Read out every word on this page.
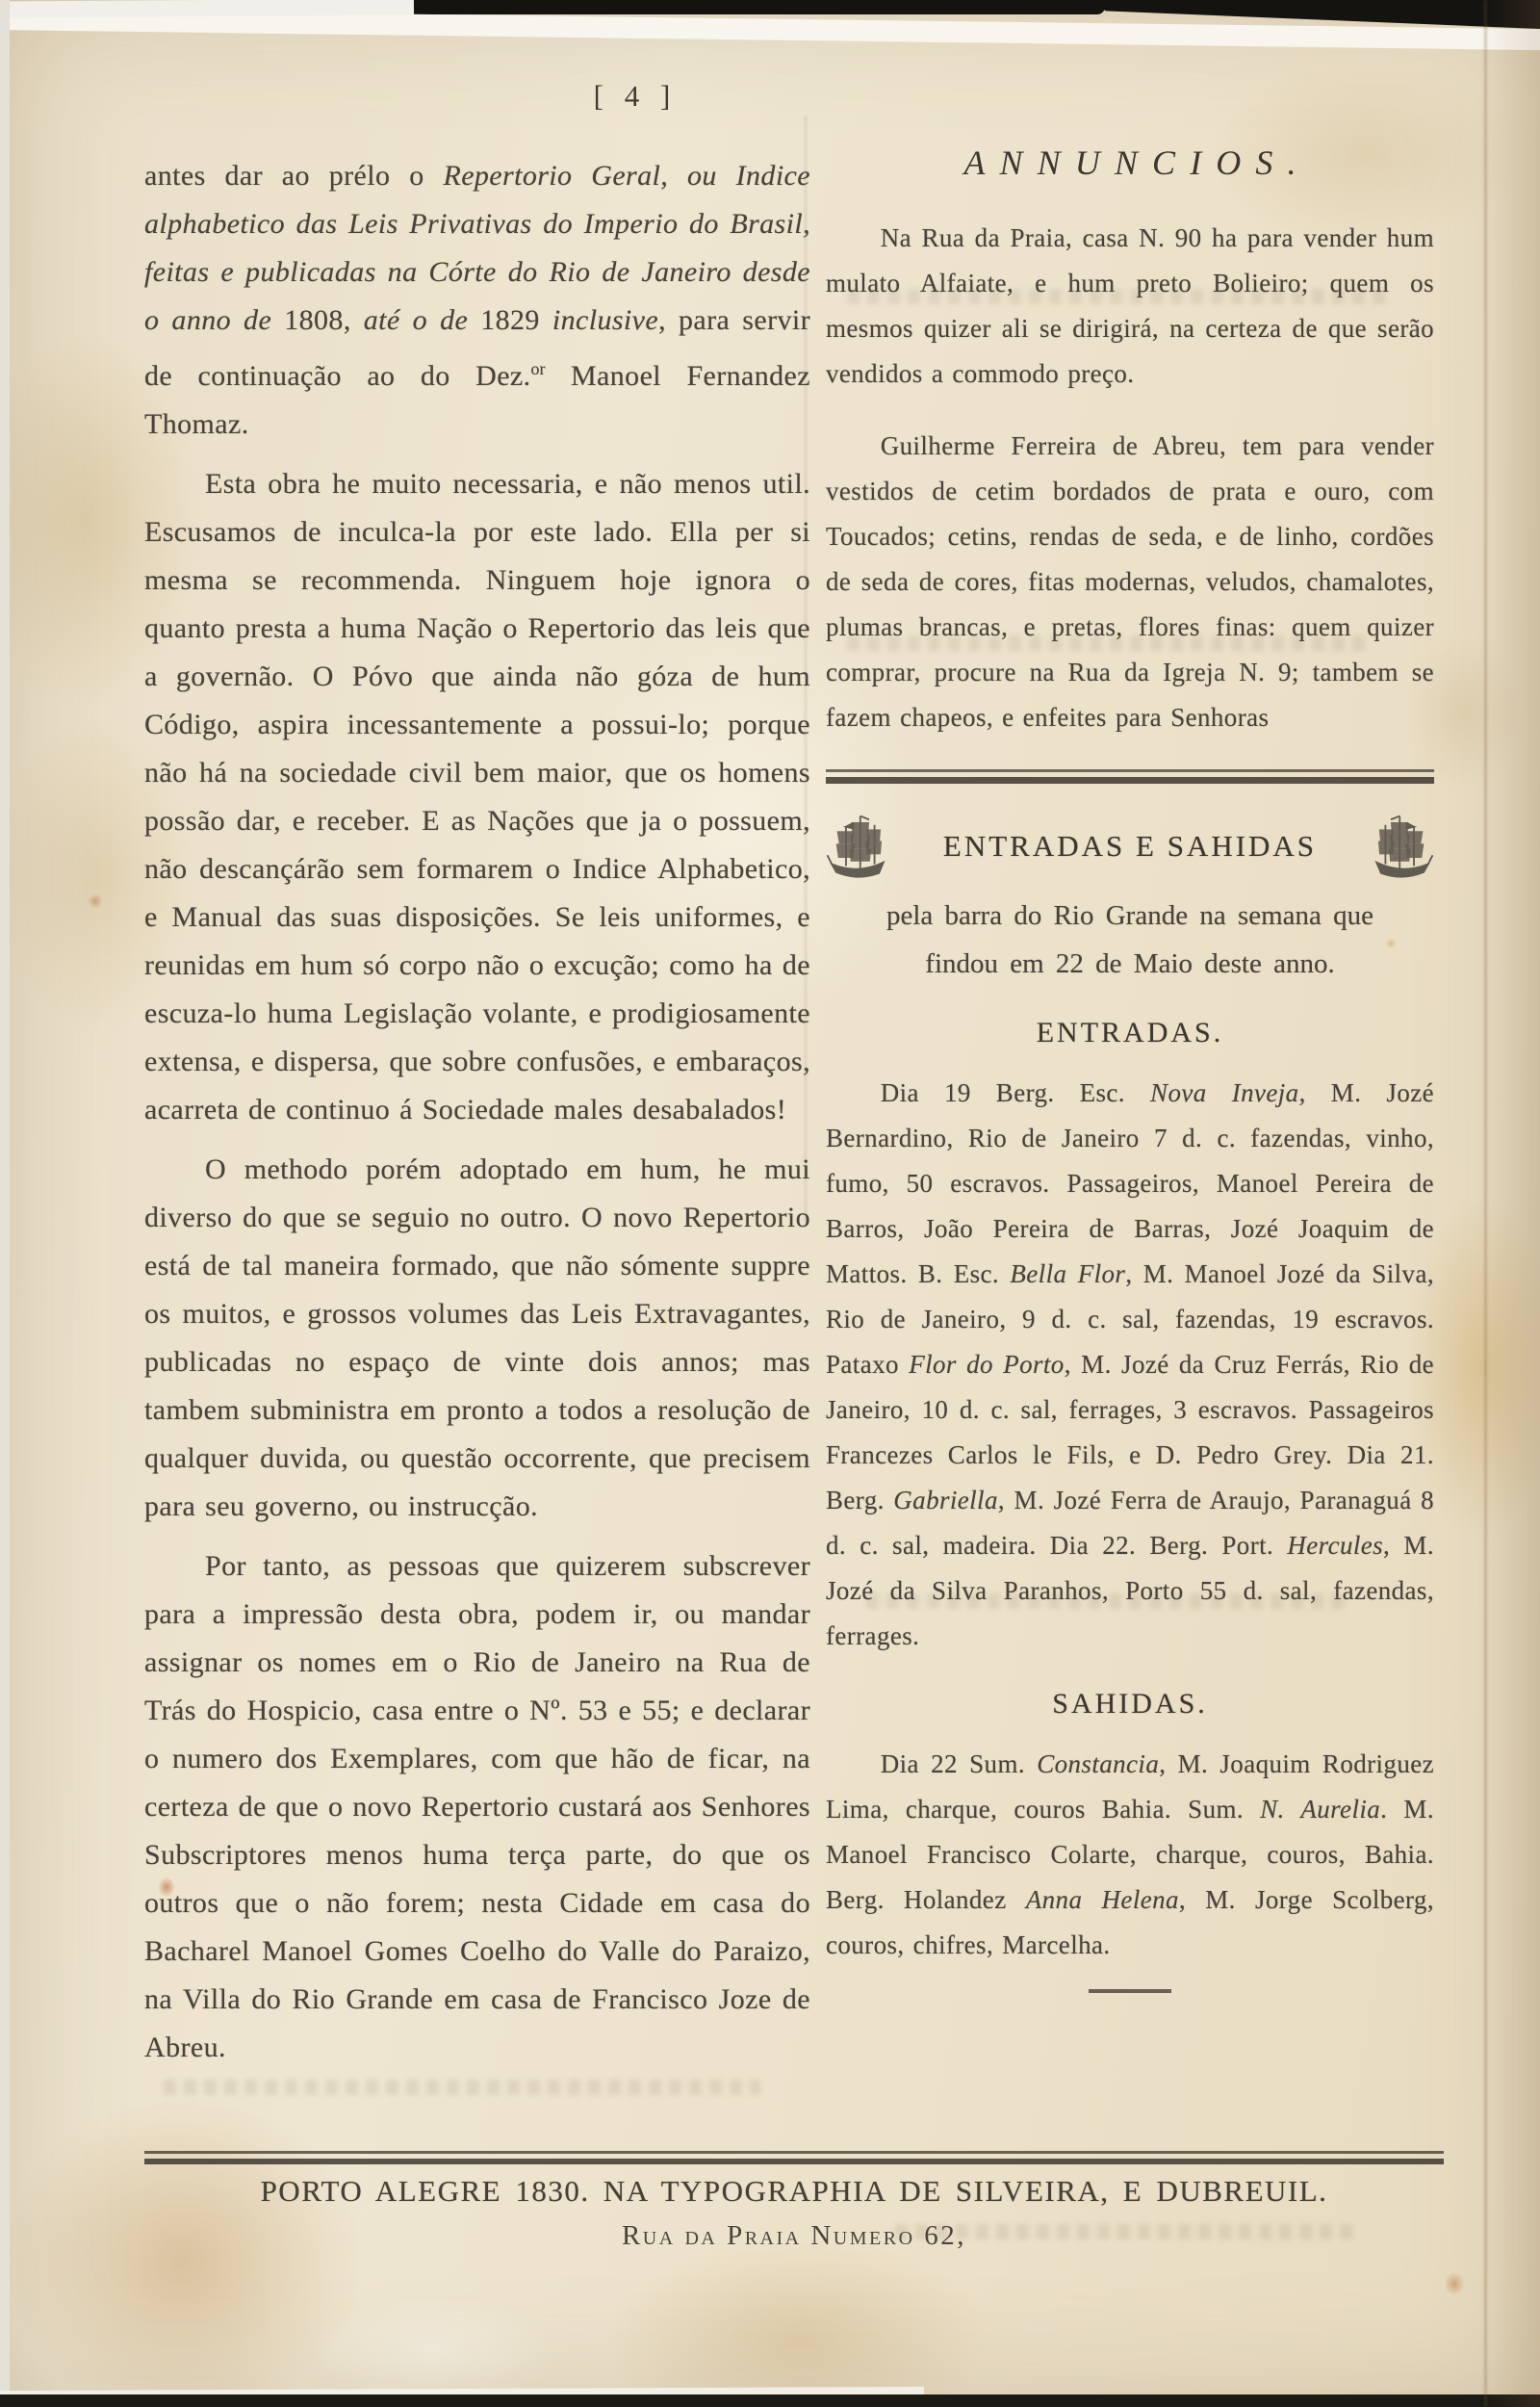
[ 4 ]

antes dar ao prélo o Repertorio Geral, ou Indice alphabetico das Leis Privativas do Imperio do Brasil, feitas e publicadas na Córte do Rio de Janeiro desde o anno de 1808, até o de 1829 inclusive, para servir de continuação ao do Dez.$^{or}$ Manoel Fernandez Thomaz.

Esta obra he muito necessaria, e não menos util. Escusamos de inculca-la por este lado. Ella per si mesma se recommenda. Ninguem hoje ignora o quanto presta a huma Nação o Repertorio das leis que a governão. O Póvo que ainda não góza de hum Código, aspira incessantemente a possui-lo; porque não há na sociedade civil bem maior, que os homens possão dar, e receber. E as Nações que ja o possuem, não descançárão sem formarem o Indice Alphabetico, e Manual das suas disposições. Se leis uniformes, e reunidas em hum só corpo não o excução; como ha de escuza-lo huma Legislação volante, e prodigiosamente extensa, e dispersa, que sobre confusões, e embaraços, acarreta de continuo á Sociedade males desabalados!

O methodo porém adoptado em hum, he mui diverso do que se seguio no outro. O novo Repertorio está de tal maneira formado, que não sómente suppre os muitos, e grossos volumes das Leis Extravagantes, publicadas no espaço de vinte dois annos; mas tambem subministra em pronto a todos a resolução de qualquer duvida, ou questão occorrente, que precisem para seu governo, ou instrucção.

Por tanto, as pessoas que quizerem subscrever para a impressão desta obra, podem ir, ou mandar assignar os nomes em o Rio de Janeiro na Rua de Trás do Hospicio, casa entre o Nº. 53 e 55; e declarar o numero dos Exemplares, com que hão de ficar, na certeza de que o novo Repertorio custará aos Senhores Subscriptores menos huma terça parte, do que os outros que o não forem; nesta Cidade em casa do Bacharel Manoel Gomes Coelho do Valle do Paraizo, na Villa do Rio Grande em casa de Francisco Joze de Abreu.

ANNUNCIOS.

Na Rua da Praia, casa N. 90 ha para vender hum mulato Alfaiate, e hum preto Bolieiro; quem os mesmos quizer ali se dirigirá, na certeza de que serão vendidos a commodo preço.

Guilherme Ferreira de Abreu, tem para vender vestidos de cetim bordados de prata e ouro, com Toucados; cetins, rendas de seda, e de linho, cordões de seda de cores, fitas modernas, veludos, chamalotes, plumas brancas, e pretas, flores finas: quem quizer comprar, procure na Rua da Igreja N. 9; tambem se fazem chapeos, e enfeites para Senhoras

ENTRADAS E SAHIDAS
pela barra do Rio Grande na semana que
findou em 22 de Maio deste anno.
ENTRADAS.

Dia 19 Berg. Esc. Nova Inveja, M. Jozé Bernardino, Rio de Janeiro 7 d. c. fazendas, vinho, fumo, 50 escravos. Passageiros, Manoel Pereira de Barros, João Pereira de Barras, Jozé Joaquim de Mattos. B. Esc. Bella Flor, M. Manoel Jozé da Silva, Rio de Janeiro, 9 d. c. sal, fazendas, 19 escravos. Pataxo Flor do Porto, M. Jozé da Cruz Ferrás, Rio de Janeiro, 10 d. c. sal, ferrages, 3 escravos. Passageiros Francezes Carlos le Fils, e D. Pedro Grey. Dia 21. Berg. Gabriella, M. Jozé Ferra de Araujo, Paranaguá 8 d. c. sal, madeira. Dia 22. Berg. Port. Hercules, M. Jozé da Silva Paranhos, Porto 55 d. sal, fazendas, ferrages.

SAHIDAS.

Dia 22 Sum. Constancia, M. Joaquim Rodriguez Lima, charque, couros Bahia. Sum. N. Aurelia. M. Manoel Francisco Colarte, charque, couros, Bahia. Berg. Holandez Anna Helena, M. Jorge Scolberg, couros, chifres, Marcelha.

PORTO ALEGRE 1830. NA TYPOGRAPHIA DE SILVEIRA, E DUBREUIL.
Rua da Praia Numero 62,
